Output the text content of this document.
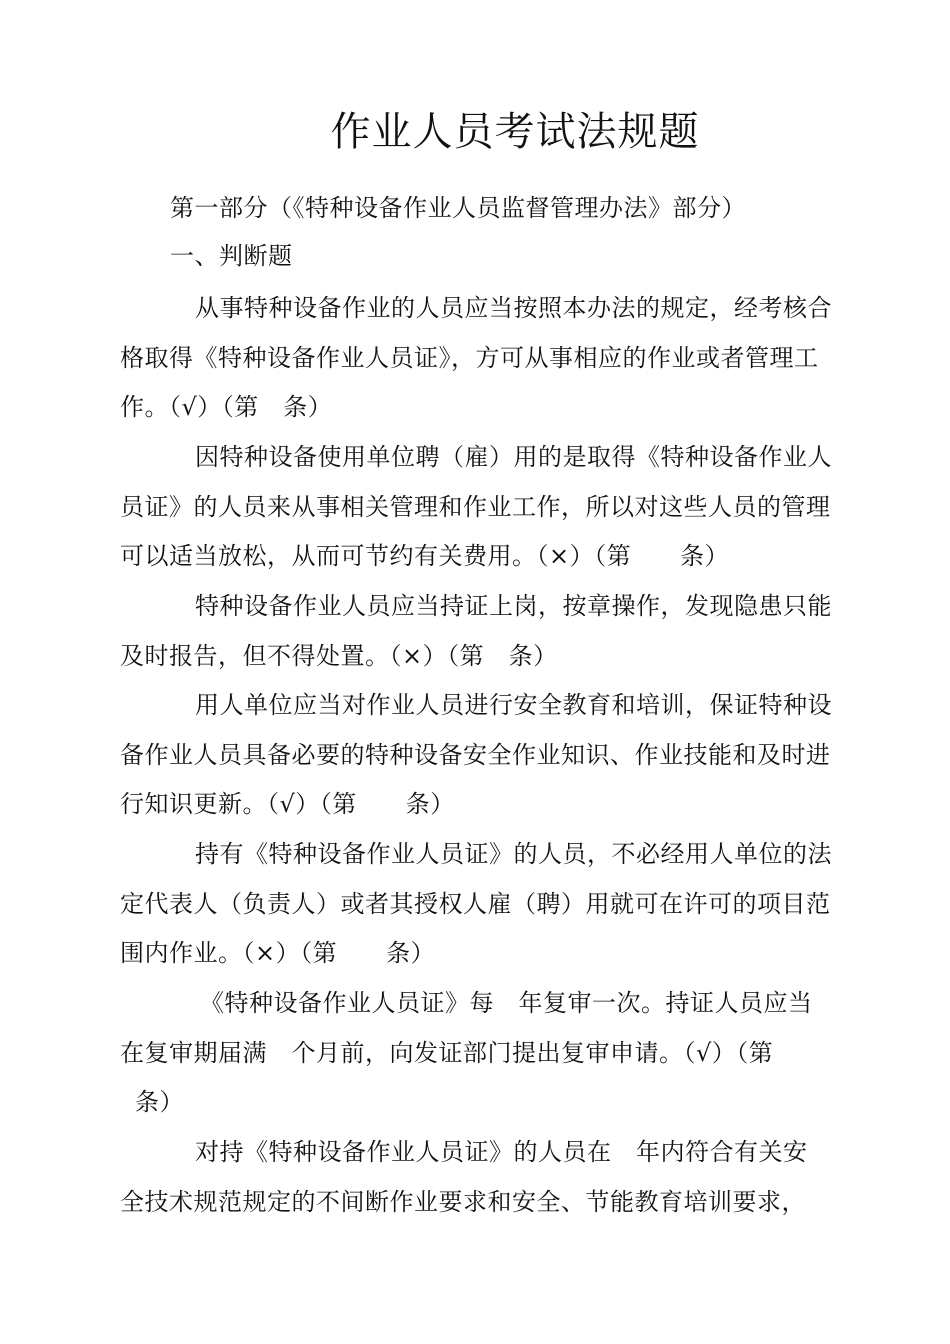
作业人员考试法规题
第一部分（《特种设备作业人员监督管理办法》部分）
一、判断题
从事特种设备作业的人员应当按照本办法的规定，经考核合
格取得《特种设备作业人员证》，方可从事相应的作业或者管理工
作。（√）（第　条）
因特种设备使用单位聘（雇）用的是取得《特种设备作业人
员证》的人员来从事相关管理和作业工作，所以对这些人员的管理
可以适当放松，从而可节约有关费用。（×）（第　　条）
特种设备作业人员应当持证上岗，按章操作，发现隐患只能
及时报告，但不得处置。（×）（第　条）
用人单位应当对作业人员进行安全教育和培训，保证特种设
备作业人员具备必要的特种设备安全作业知识、作业技能和及时进
行知识更新。（√）（第　　条）
持有《特种设备作业人员证》的人员，不必经用人单位的法
定代表人（负责人）或者其授权人雇（聘）用就可在许可的项目范
围内作业。（×）（第　　条）
《特种设备作业人员证》每　年复审一次。持证人员应当
在复审期届满　个月前，向发证部门提出复审申请。（√）（第
条）
对持《特种设备作业人员证》的人员在　年内符合有关安
全技术规范规定的不间断作业要求和安全、节能教育培训要求，
